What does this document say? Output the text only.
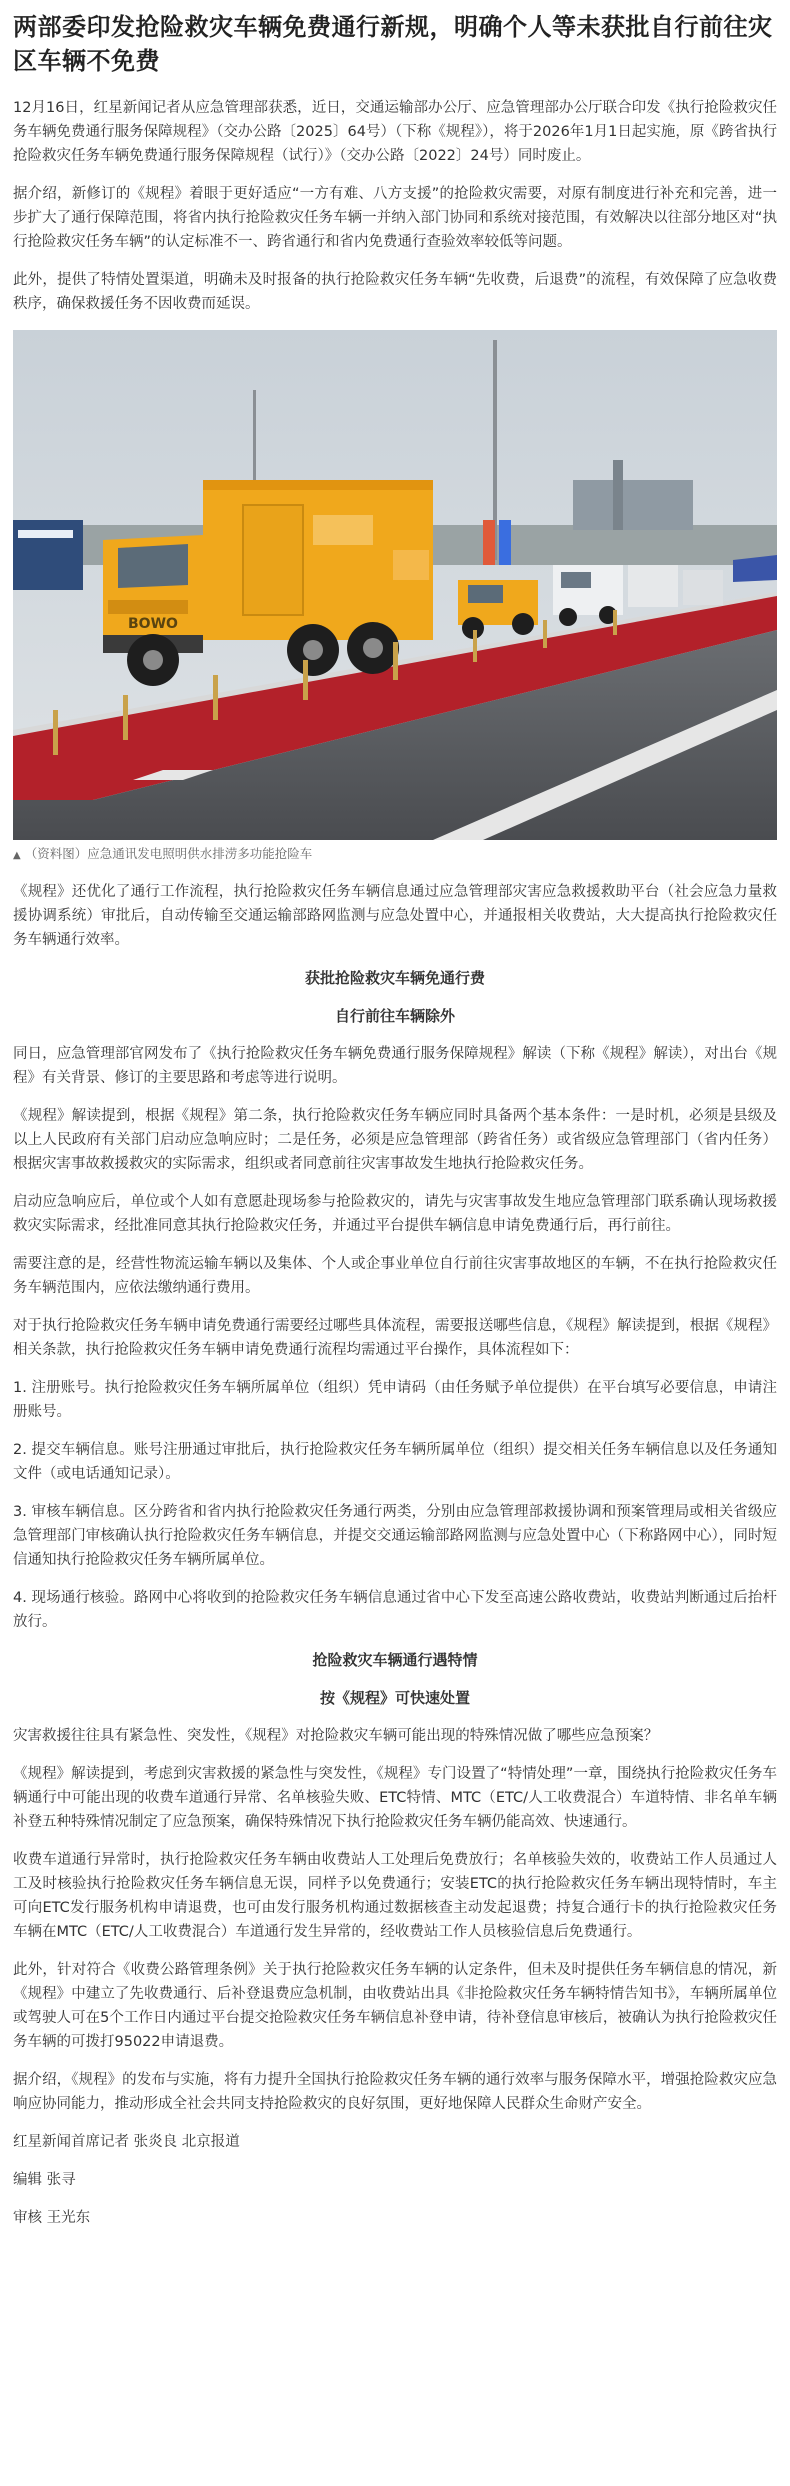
两部委印发抢险救灾车辆免费通行新规，明确个人等未获批自行前往灾区车辆不免费

12月16日，红星新闻记者从应急管理部获悉，近日，交通运输部办公厅、应急管理部办公厅联合印发《执行抢险救灾任务车辆免费通行服务保障规程》（交办公路〔2025〕64号）（下称《规程》），将于2026年1月1日起实施，原《跨省执行抢险救灾任务车辆免费通行服务保障规程（试行）》（交办公路〔2022〕24号）同时废止。

据介绍，新修订的《规程》着眼于更好适应“一方有难、八方支援”的抢险救灾需要，对原有制度进行补充和完善，进一步扩大了通行保障范围，将省内执行抢险救灾任务车辆一并纳入部门协同和系统对接范围，有效解决以往部分地区对“执行抢险救灾任务车辆”的认定标准不一、跨省通行和省内免费通行查验效率较低等问题。

此外，提供了特情处置渠道，明确未及时报备的执行抢险救灾任务车辆“先收费，后退费”的流程，有效保障了应急收费秩序，确保救援任务不因收费而延误。

BOWO
▲ （资料图）应急通讯发电照明供水排涝多功能抢险车

《规程》还优化了通行工作流程，执行抢险救灾任务车辆信息通过应急管理部灾害应急救援救助平台（社会应急力量救援协调系统）审批后，自动传输至交通运输部路网监测与应急处置中心，并通报相关收费站，大大提高执行抢险救灾任务车辆通行效率。

获批抢险救灾车辆免通行费

自行前往车辆除外

同日，应急管理部官网发布了《执行抢险救灾任务车辆免费通行服务保障规程》解读（下称《规程》解读），对出台《规程》有关背景、修订的主要思路和考虑等进行说明。

《规程》解读提到，根据《规程》第二条，执行抢险救灾任务车辆应同时具备两个基本条件：一是时机，必须是县级及以上人民政府有关部门启动应急响应时；二是任务，必须是应急管理部（跨省任务）或省级应急管理部门（省内任务）根据灾害事故救援救灾的实际需求，组织或者同意前往灾害事故发生地执行抢险救灾任务。

启动应急响应后，单位或个人如有意愿赴现场参与抢险救灾的，请先与灾害事故发生地应急管理部门联系确认现场救援救灾实际需求，经批准同意其执行抢险救灾任务，并通过平台提供车辆信息申请免费通行后，再行前往。

需要注意的是，经营性物流运输车辆以及集体、个人或企事业单位自行前往灾害事故地区的车辆，不在执行抢险救灾任务车辆范围内，应依法缴纳通行费用。

对于执行抢险救灾任务车辆申请免费通行需要经过哪些具体流程，需要报送哪些信息，《规程》解读提到，根据《规程》相关条款，执行抢险救灾任务车辆申请免费通行流程均需通过平台操作，具体流程如下：

1. 注册账号。执行抢险救灾任务车辆所属单位（组织）凭申请码（由任务赋予单位提供）在平台填写必要信息，申请注册账号。

2. 提交车辆信息。账号注册通过审批后，执行抢险救灾任务车辆所属单位（组织）提交相关任务车辆信息以及任务通知文件（或电话通知记录）。

3. 审核车辆信息。区分跨省和省内执行抢险救灾任务通行两类，分别由应急管理部救援协调和预案管理局或相关省级应急管理部门审核确认执行抢险救灾任务车辆信息，并提交交通运输部路网监测与应急处置中心（下称路网中心），同时短信通知执行抢险救灾任务车辆所属单位。

4. 现场通行核验。路网中心将收到的抢险救灾任务车辆信息通过省中心下发至高速公路收费站，收费站判断通过后抬杆放行。

抢险救灾车辆通行遇特情

按《规程》可快速处置

灾害救援往往具有紧急性、突发性，《规程》对抢险救灾车辆可能出现的特殊情况做了哪些应急预案？

《规程》解读提到，考虑到灾害救援的紧急性与突发性，《规程》专门设置了“特情处理”一章，围绕执行抢险救灾任务车辆通行中可能出现的收费车道通行异常、名单核验失败、ETC特情、MTC（ETC/人工收费混合）车道特情、非名单车辆补登五种特殊情况制定了应急预案，确保特殊情况下执行抢险救灾任务车辆仍能高效、快速通行。

收费车道通行异常时，执行抢险救灾任务车辆由收费站人工处理后免费放行；名单核验失效的，收费站工作人员通过人工及时核验执行抢险救灾任务车辆信息无误，同样予以免费通行；安装ETC的执行抢险救灾任务车辆出现特情时，车主可向ETC发行服务机构申请退费，也可由发行服务机构通过数据核查主动发起退费；持复合通行卡的执行抢险救灾任务车辆在MTC（ETC/人工收费混合）车道通行发生异常的，经收费站工作人员核验信息后免费通行。

此外，针对符合《收费公路管理条例》关于执行抢险救灾任务车辆的认定条件，但未及时提供任务车辆信息的情况，新《规程》中建立了先收费通行、后补登退费应急机制，由收费站出具《非抢险救灾任务车辆特情告知书》，车辆所属单位或驾驶人可在5个工作日内通过平台提交抢险救灾任务车辆信息补登申请，待补登信息审核后，被确认为执行抢险救灾任务车辆的可拨打95022申请退费。

据介绍，《规程》的发布与实施，将有力提升全国执行抢险救灾任务车辆的通行效率与服务保障水平，增强抢险救灾应急响应协同能力，推动形成全社会共同支持抢险救灾的良好氛围，更好地保障人民群众生命财产安全。

红星新闻首席记者 张炎良 北京报道

编辑 张寻

审核 王光东
